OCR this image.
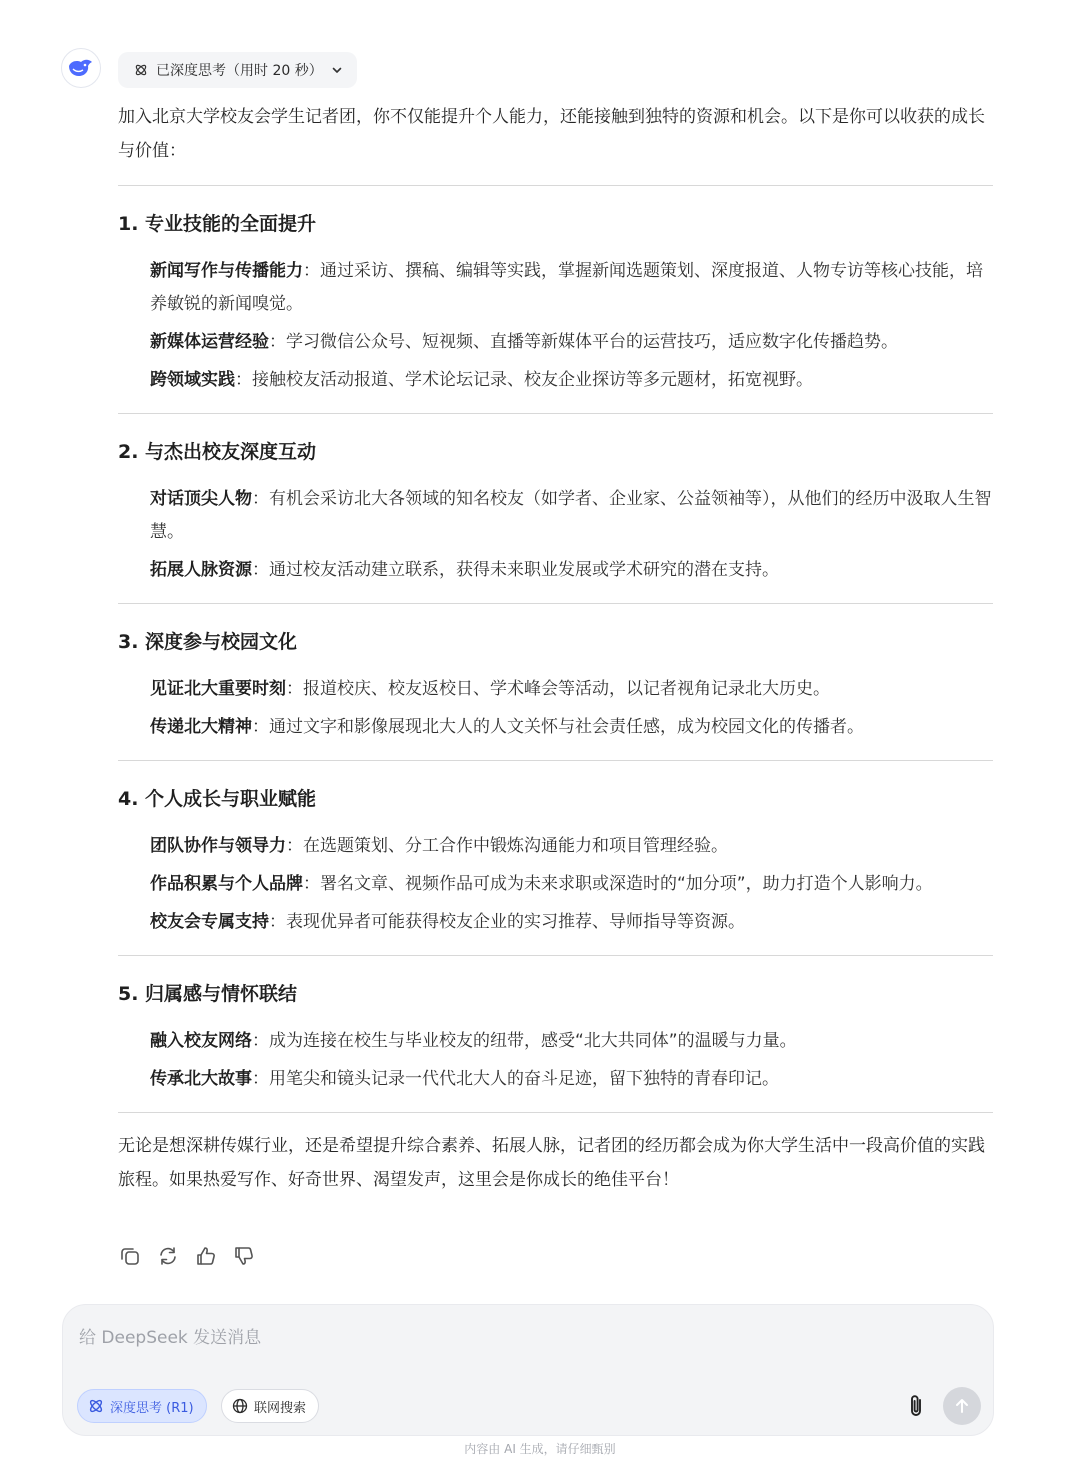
已深度思考（用时 20 秒）

加入北京大学校友会学生记者团，你不仅能提升个人能力，还能接触到独特的资源和机会。以下是你可以收获的成长与价值：

1. 专业技能的全面提升

新闻写作与传播能力：通过采访、撰稿、编辑等实践，掌握新闻选题策划、深度报道、人物专访等核心技能，培养敏锐的新闻嗅觉。

新媒体运营经验：学习微信公众号、短视频、直播等新媒体平台的运营技巧，适应数字化传播趋势。

跨领域实践：接触校友活动报道、学术论坛记录、校友企业探访等多元题材，拓宽视野。

2. 与杰出校友深度互动

对话顶尖人物：有机会采访北大各领域的知名校友（如学者、企业家、公益领袖等），从他们的经历中汲取人生智慧。

拓展人脉资源：通过校友活动建立联系，获得未来职业发展或学术研究的潜在支持。

3. 深度参与校园文化

见证北大重要时刻：报道校庆、校友返校日、学术峰会等活动，以记者视角记录北大历史。

传递北大精神：通过文字和影像展现北大人的人文关怀与社会责任感，成为校园文化的传播者。

4. 个人成长与职业赋能

团队协作与领导力：在选题策划、分工合作中锻炼沟通能力和项目管理经验。

作品积累与个人品牌：署名文章、视频作品可成为未来求职或深造时的“加分项”，助力打造个人影响力。

校友会专属支持：表现优异者可能获得校友企业的实习推荐、导师指导等资源。

5. 归属感与情怀联结

融入校友网络：成为连接在校生与毕业校友的纽带，感受“北大共同体”的温暖与力量。

传承北大故事：用笔尖和镜头记录一代代北大人的奋斗足迹，留下独特的青春印记。

无论是想深耕传媒行业，还是希望提升综合素养、拓展人脉，记者团的经历都会成为你大学生活中一段高价值的实践旅程。如果热爱写作、好奇世界、渴望发声，这里会是你成长的绝佳平台！

给 DeepSeek 发送消息
深度思考 (R1)	联网搜索
内容由 AI 生成，请仔细甄别
